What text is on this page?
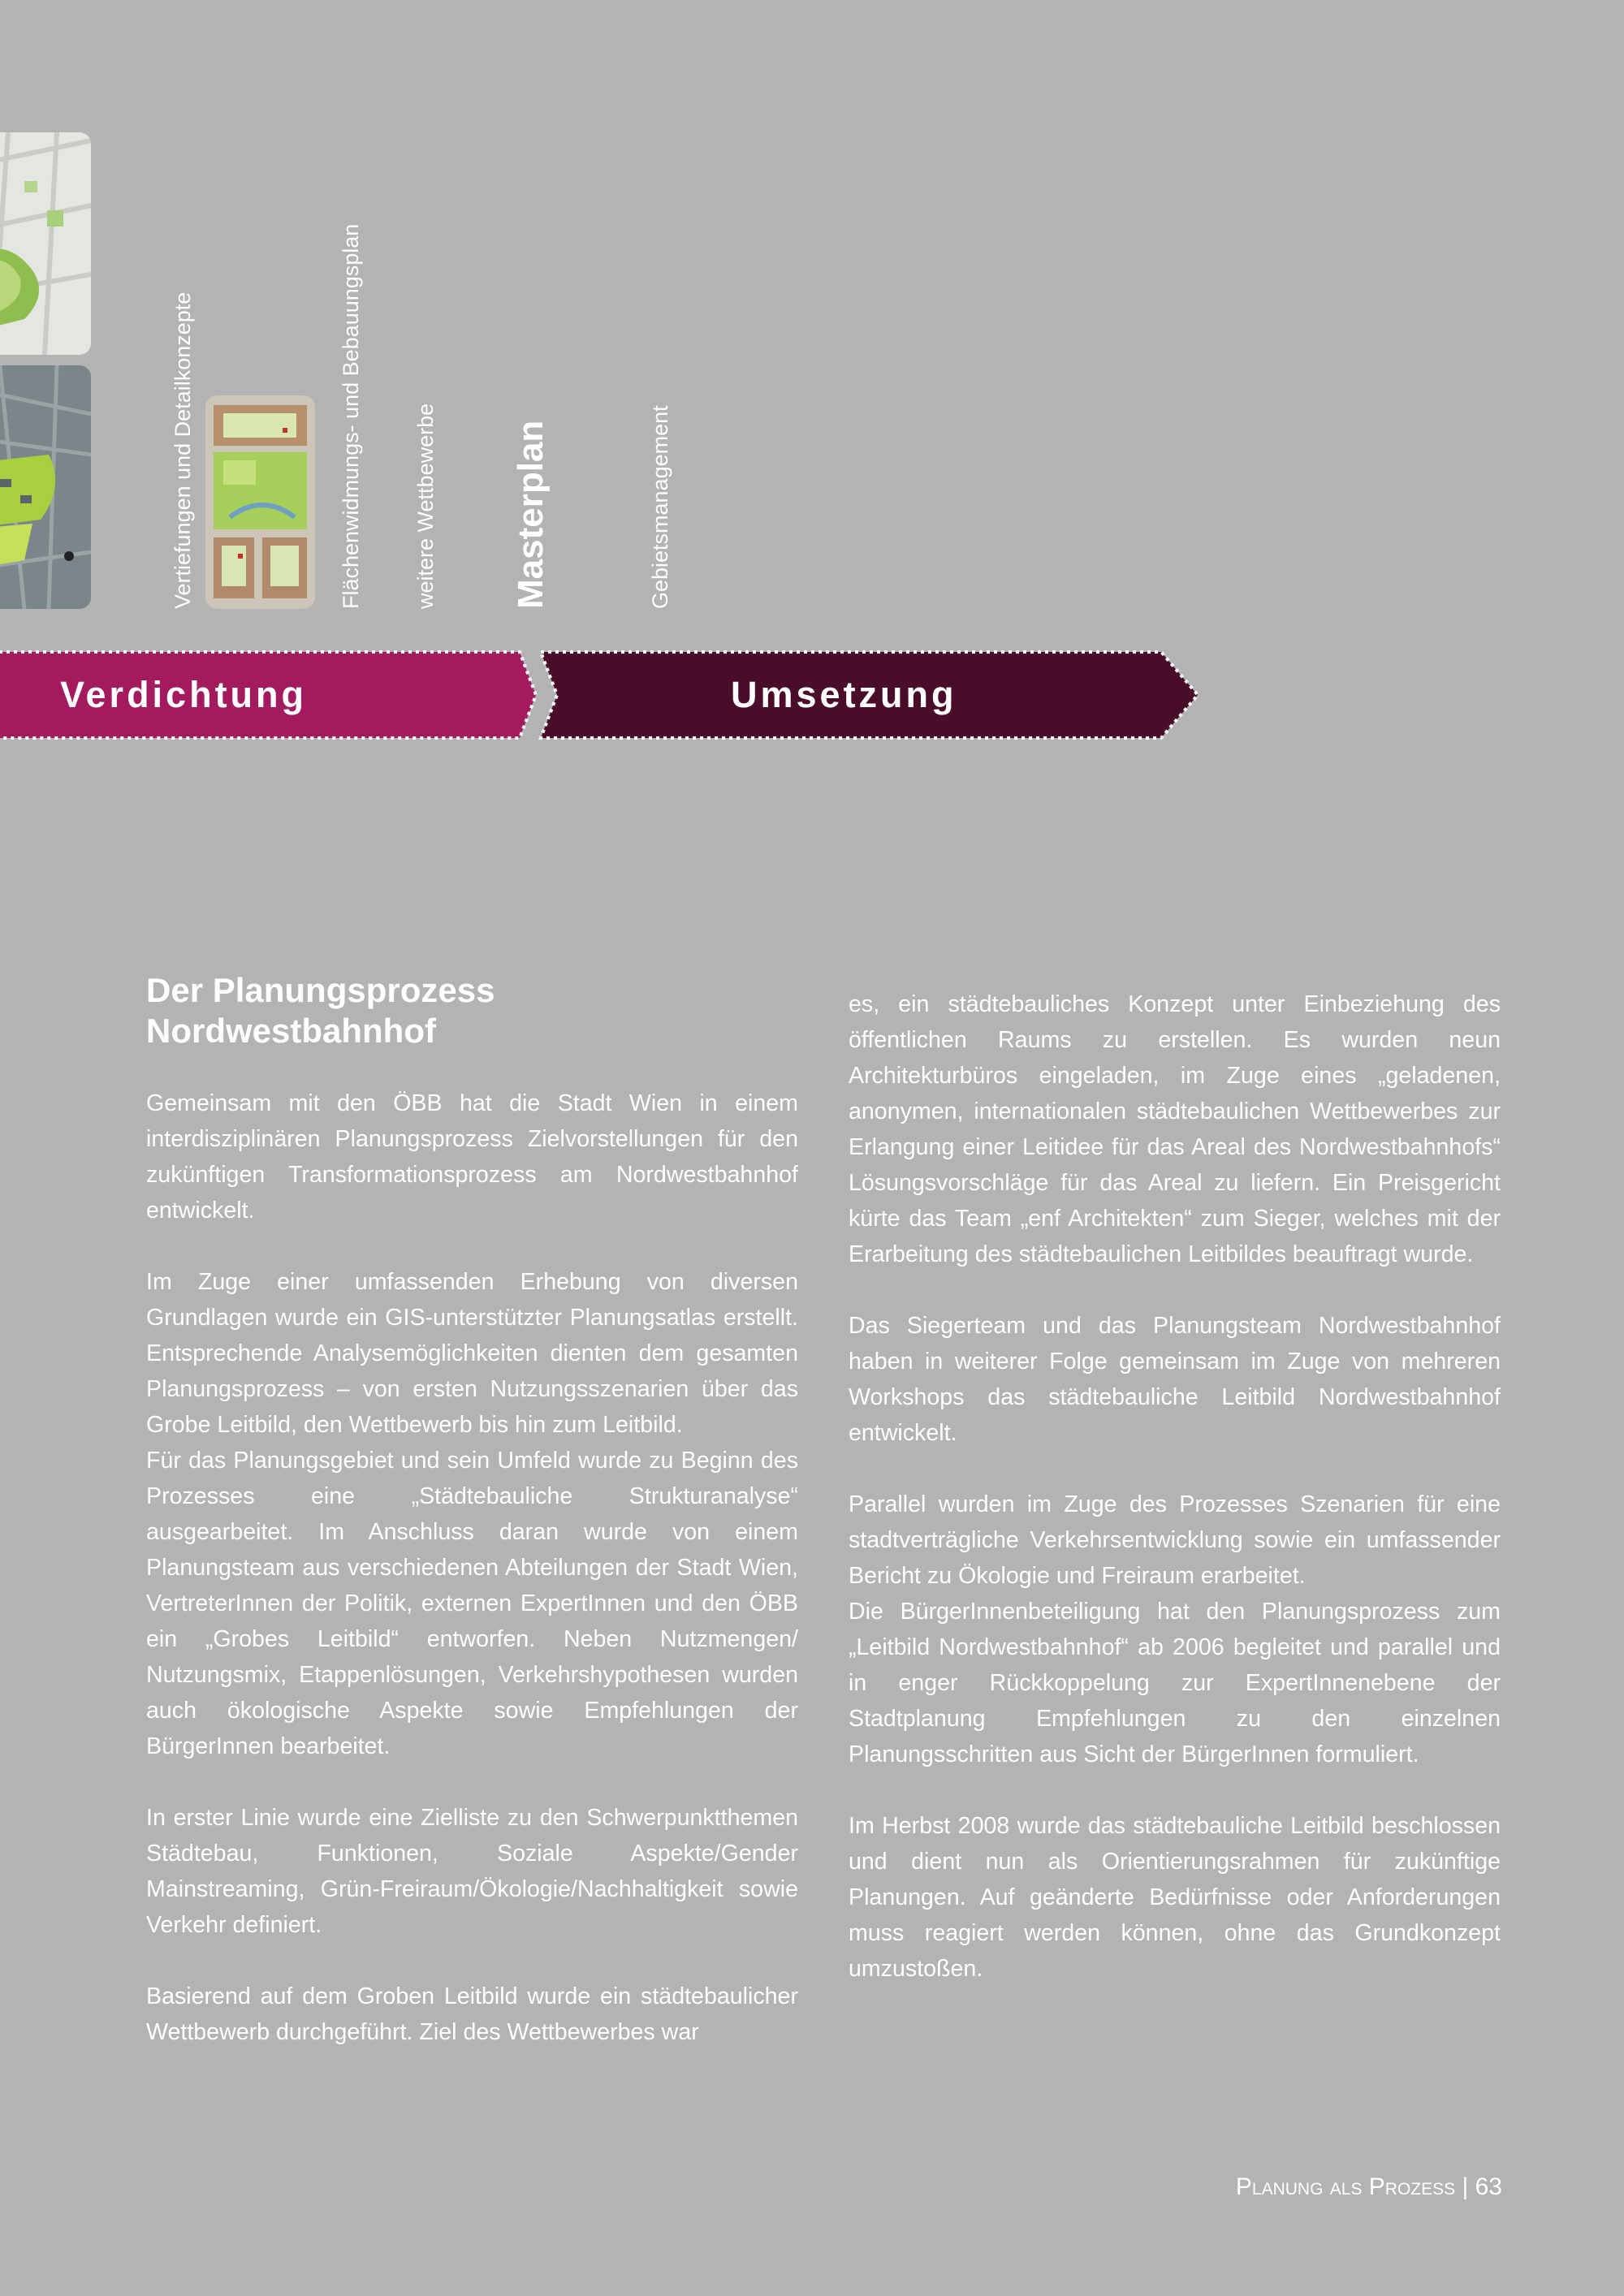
Vertiefungen und Detailkonzepte	Flächenwidmungs- und Bebauungsplan weitere Wettbewerbe Masterplan	Gebietsmanagement
Verdichtung	Umsetzung
Der Planungsprozess
Nordwestbahnhof

Gemeinsam mit den ÖBB hat die Stadt Wien in einem interdisziplinären Planungsprozess Zielvorstellungen für den zukünftigen Transformationsprozess am Nordwestbahnhof entwickelt.

Im Zuge einer umfassenden Erhebung von diversen Grundlagen wurde ein GIS-unterstützter Planungsatlas erstellt. Entsprechende Analysemöglichkeiten dienten dem gesamten Planungsprozess – von ersten Nutzungsszenarien über das Grobe Leitbild, den Wettbewerb bis hin zum Leitbild.
Für das Planungsgebiet und sein Umfeld wurde zu Beginn des Prozesses eine „Städtebauliche Strukturanalyse“ ausgearbeitet. Im Anschluss daran wurde von einem Planungsteam aus verschiedenen Abteilungen der Stadt Wien, VertreterInnen der Politik, externen ExpertInnen und den ÖBB ein „Grobes Leitbild“ entworfen. Neben Nutzmengen/ Nutzungsmix, Etappenlösungen, Verkehrshypothesen wurden auch ökologische Aspekte sowie Empfehlungen der BürgerInnen bearbeitet.

In erster Linie wurde eine Zielliste zu den Schwerpunktthemen Städtebau, Funktionen, Soziale Aspekte/Gender Mainstreaming, Grün-Freiraum/Ökologie/Nachhaltigkeit sowie Verkehr definiert.

Basierend auf dem Groben Leitbild wurde ein städtebaulicher Wettbewerb durchgeführt. Ziel des Wettbewerbes war

es, ein städtebauliches Konzept unter Einbeziehung des öffentlichen Raums zu erstellen. Es wurden neun Architekturbüros eingeladen, im Zuge eines „geladenen, anonymen, internationalen städtebaulichen Wettbewerbes zur Erlangung einer Leitidee für das Areal des Nordwestbahnhofs“ Lösungsvorschläge für das Areal zu liefern. Ein Preisgericht kürte das Team „enf Architekten“ zum Sieger, welches mit der Erarbeitung des städtebaulichen Leitbildes beauftragt wurde.

Das Siegerteam und das Planungsteam Nordwestbahnhof haben in weiterer Folge gemeinsam im Zuge von mehreren Workshops das städtebauliche Leitbild Nordwestbahnhof entwickelt.

Parallel wurden im Zuge des Prozesses Szenarien für eine stadtverträgliche Verkehrsentwicklung sowie ein umfassender Bericht zu Ökologie und Freiraum erarbeitet.
Die BürgerInnenbeteiligung hat den Planungsprozess zum „Leitbild Nordwestbahnhof“ ab 2006 begleitet und parallel und in enger Rückkoppelung zur ExpertInnenebene der Stadtplanung Empfehlungen zu den einzelnen Planungsschritten aus Sicht der BürgerInnen formuliert.

Im Herbst 2008 wurde das städtebauliche Leitbild beschlossen und dient nun als Orientierungsrahmen für zukünftige Planungen. Auf geänderte Bedürfnisse oder Anforderungen muss reagiert werden können, ohne das Grundkonzept umzustoßen.

Planung als Prozess | 63
